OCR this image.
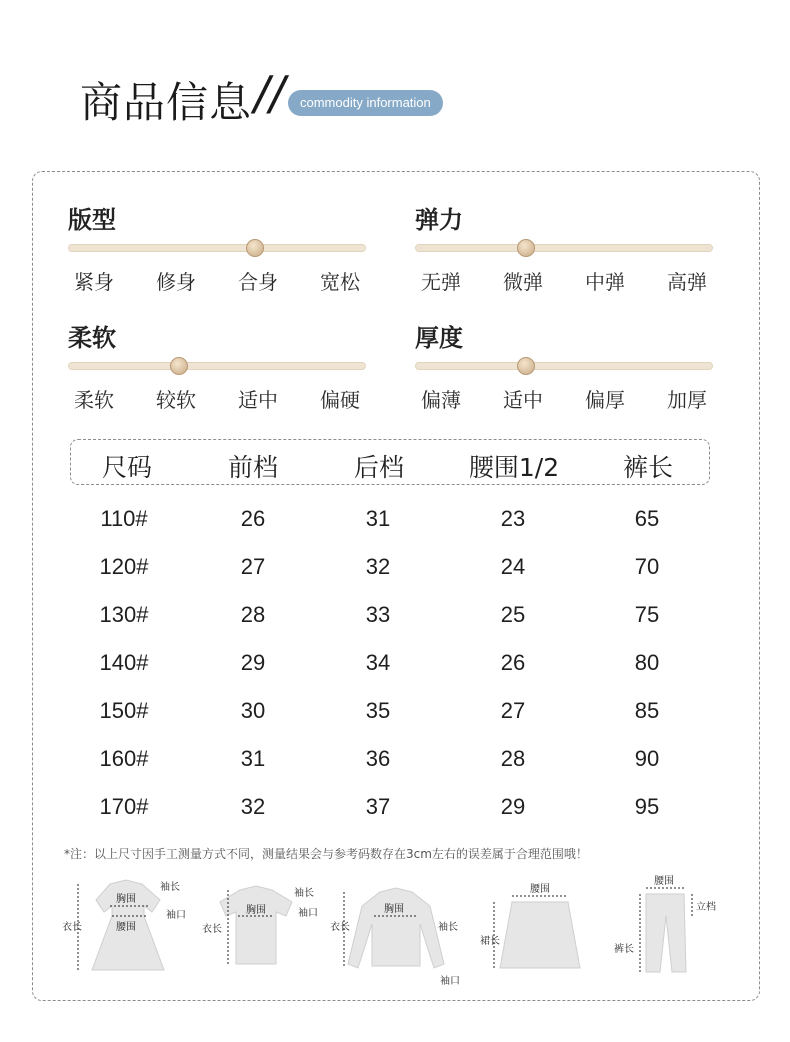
商品信息 //	commodity information
版型
紧身 修身 合身 宽松
弹力
无弹 微弹 中弹 高弹
柔软
柔软 较软 适中 偏硬
厚度
偏薄 适中 偏厚 加厚
尺码	前档	后档	腰围1/2	裤长
110#	26	31	23	65
120#	27	32	24	70
130#	28	33	25	75
140#	29	34	26	80
150#	30	35	27	85
160#	31	36	28	90
170#	32	37	29	95
*注：以上尺寸因手工测量方式不同，测量结果会与参考码数存在3cm左右的误差属于合理范围哦！
衣长
胸围
腰围
袖长
袖口
衣长
胸围
袖长
袖口
衣长
胸围
袖长
袖口
腰围
裙长
腰围
裤长
立档
